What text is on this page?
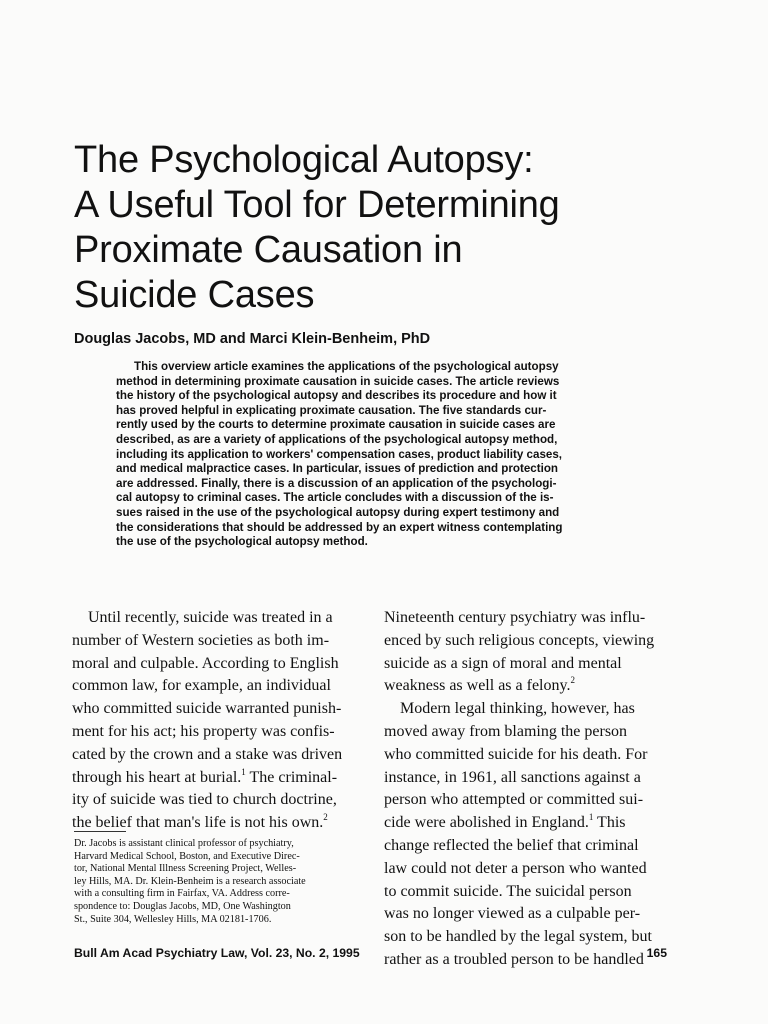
The Psychological Autopsy:
A Useful Tool for Determining
Proximate Causation in
Suicide Cases
Douglas Jacobs, MD and Marci Klein-Benheim, PhD
This overview article examines the applications of the psychological autopsy
method in determining proximate causation in suicide cases. The article reviews
the history of the psychological autopsy and describes its procedure and how it
has proved helpful in explicating proximate causation. The five standards cur-
rently used by the courts to determine proximate causation in suicide cases are
described, as are a variety of applications of the psychological autopsy method,
including its application to workers' compensation cases, product liability cases,
and medical malpractice cases. In particular, issues of prediction and protection
are addressed. Finally, there is a discussion of an application of the psychologi-
cal autopsy to criminal cases. The article concludes with a discussion of the is-
sues raised in the use of the psychological autopsy during expert testimony and
the considerations that should be addressed by an expert witness contemplating
the use of the psychological autopsy method.
Until recently, suicide was treated in a
number of Western societies as both im-
moral and culpable. According to English
common law, for example, an individual
who committed suicide warranted punish-
ment for his act; his property was confis-
cated by the crown and a stake was driven
through his heart at burial.$^1$ The criminal-
ity of suicide was tied to church doctrine,
the belief that man's life is not his own.$^2$
Nineteenth century psychiatry was influ-
enced by such religious concepts, viewing
suicide as a sign of moral and mental
weakness as well as a felony.$^2$
Modern legal thinking, however, has
moved away from blaming the person
who committed suicide for his death. For
instance, in 1961, all sanctions against a
person who attempted or committed sui-
cide were abolished in England.$^1$ This
change reflected the belief that criminal
law could not deter a person who wanted
to commit suicide. The suicidal person
was no longer viewed as a culpable per-
son to be handled by the legal system, but
rather as a troubled person to be handled
Dr. Jacobs is assistant clinical professor of psychiatry,
Harvard Medical School, Boston, and Executive Direc-
tor, National Mental Illness Screening Project, Welles-
ley Hills, MA. Dr. Klein-Benheim is a research associate
with a consulting firm in Fairfax, VA. Address corre-
spondence to: Douglas Jacobs, MD, One Washington
St., Suite 304, Wellesley Hills, MA 02181-1706.
Bull Am Acad Psychiatry Law, Vol. 23, No. 2, 1995	165
